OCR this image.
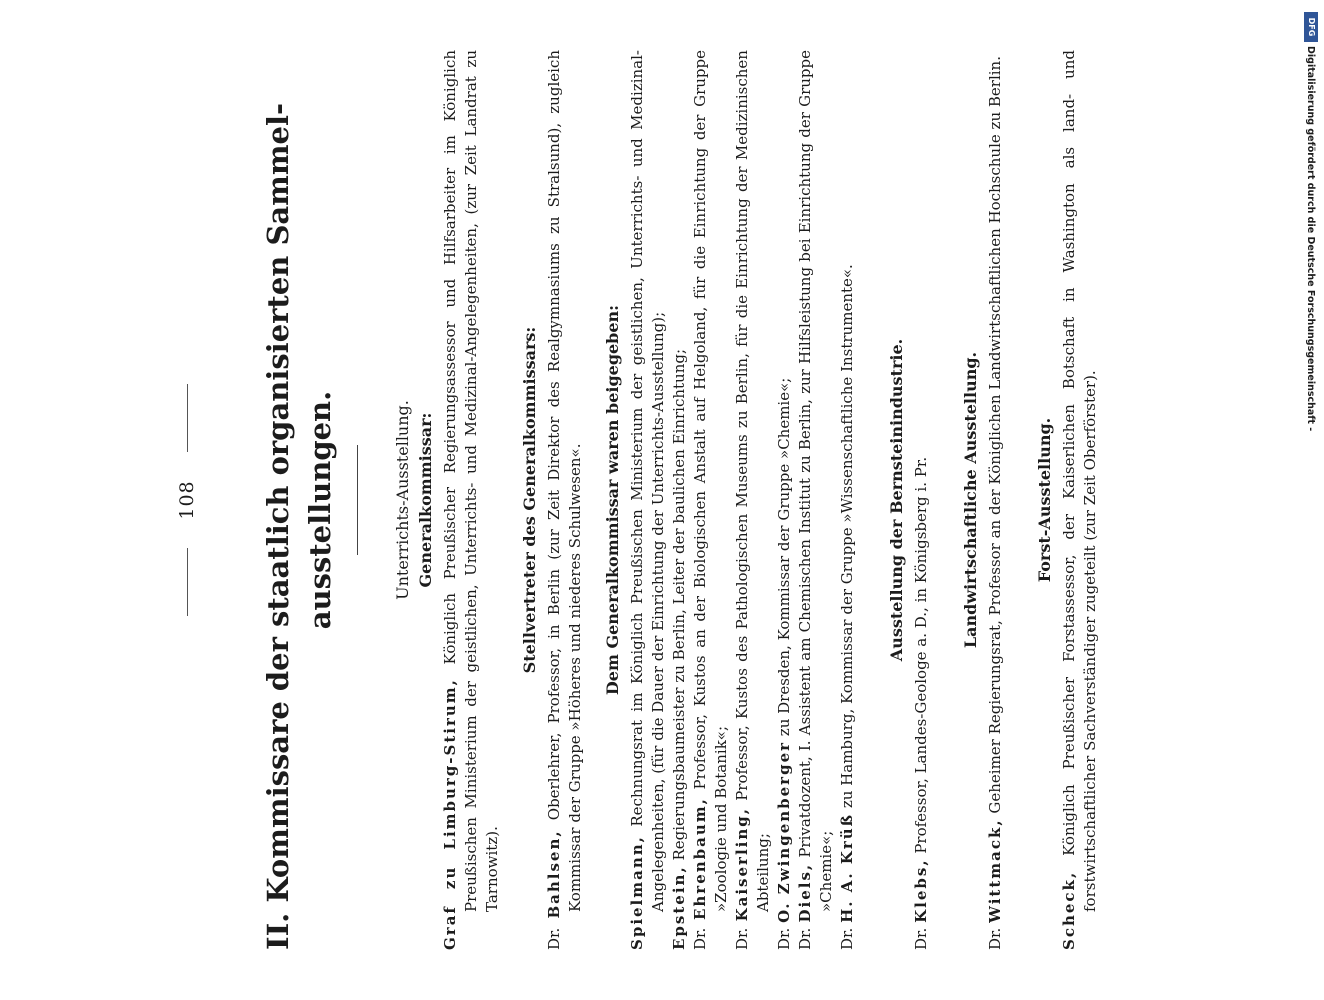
108 II. Kommissare der staatlich organisierten Sammel- ausstellungen.	Unterrichts-Ausstellung. Generalkommissar:

Graf zu Limburg-Stirum, Königlich Preußischer Regierungsassessor und Hilfsarbeiter im Königlich Preußischen Ministerium der geistlichen, Unterrichts- und Medizinal-Angelegenheiten, (zur Zeit Landrat zu Tarnowitz).

Stellvertreter des Generalkommissars:

Dr. Bahlsen, Oberlehrer, Professor, in Berlin (zur Zeit Direktor des Realgymnasiums zu Stralsund), zugleich Kommissar der Gruppe »Höheres und niederes Schulwesen«. Dem Generalkommissar waren beigegeben:

Spielmann, Rechnungsrat im Königlich Preußischen Ministerium der geistlichen, Unterrichts- und Medizinal-Angelegenheiten, (für die Dauer der Einrichtung der Unterrichts-Ausstellung); Epstein, Regierungsbaumeister zu Berlin, Leiter der baulichen Einrichtung;

Dr. Ehrenbaum, Professor, Kustos an der Biologischen Anstalt auf Helgoland, für die Einrichtung der Gruppe »Zoologie und Botanik«;

Dr. Kaiserling, Professor, Kustos des Pathologischen Museums zu Berlin, für die Einrichtung der Medizinischen Abteilung;

Dr. O. Zwingenberger zu Dresden, Kommissar der Gruppe »Chemie«;

Dr. Diels, Privatdozent, I. Assistent am Chemischen Institut zu Berlin, zur Hilfsleistung bei Einrichtung der Gruppe »Chemie«;

Dr. H. A. Krüß zu Hamburg, Kommissar der Gruppe »Wissenschaftliche Instrumente«. Ausstellung der Bernsteinindustrie.

Dr. Klebs, Professor, Landes-Geologe a. D., in Königsberg i. Pr. Landwirtschaftliche Ausstellung.

Dr. Wittmack, Geheimer Regierungsrat, Professor an der Königlichen Landwirtschaftlichen Hochschule zu Berlin. Forst-Ausstellung.

Scheck, Königlich Preußischer Forstassessor, der Kaiserlichen Botschaft in Washington als land- und forstwirtschaftlicher Sachverständiger zugeteilt (zur Zeit Oberförster).

DFG
Digitalisierung gefördert durch die Deutsche Forschungsgemeinschaft -
